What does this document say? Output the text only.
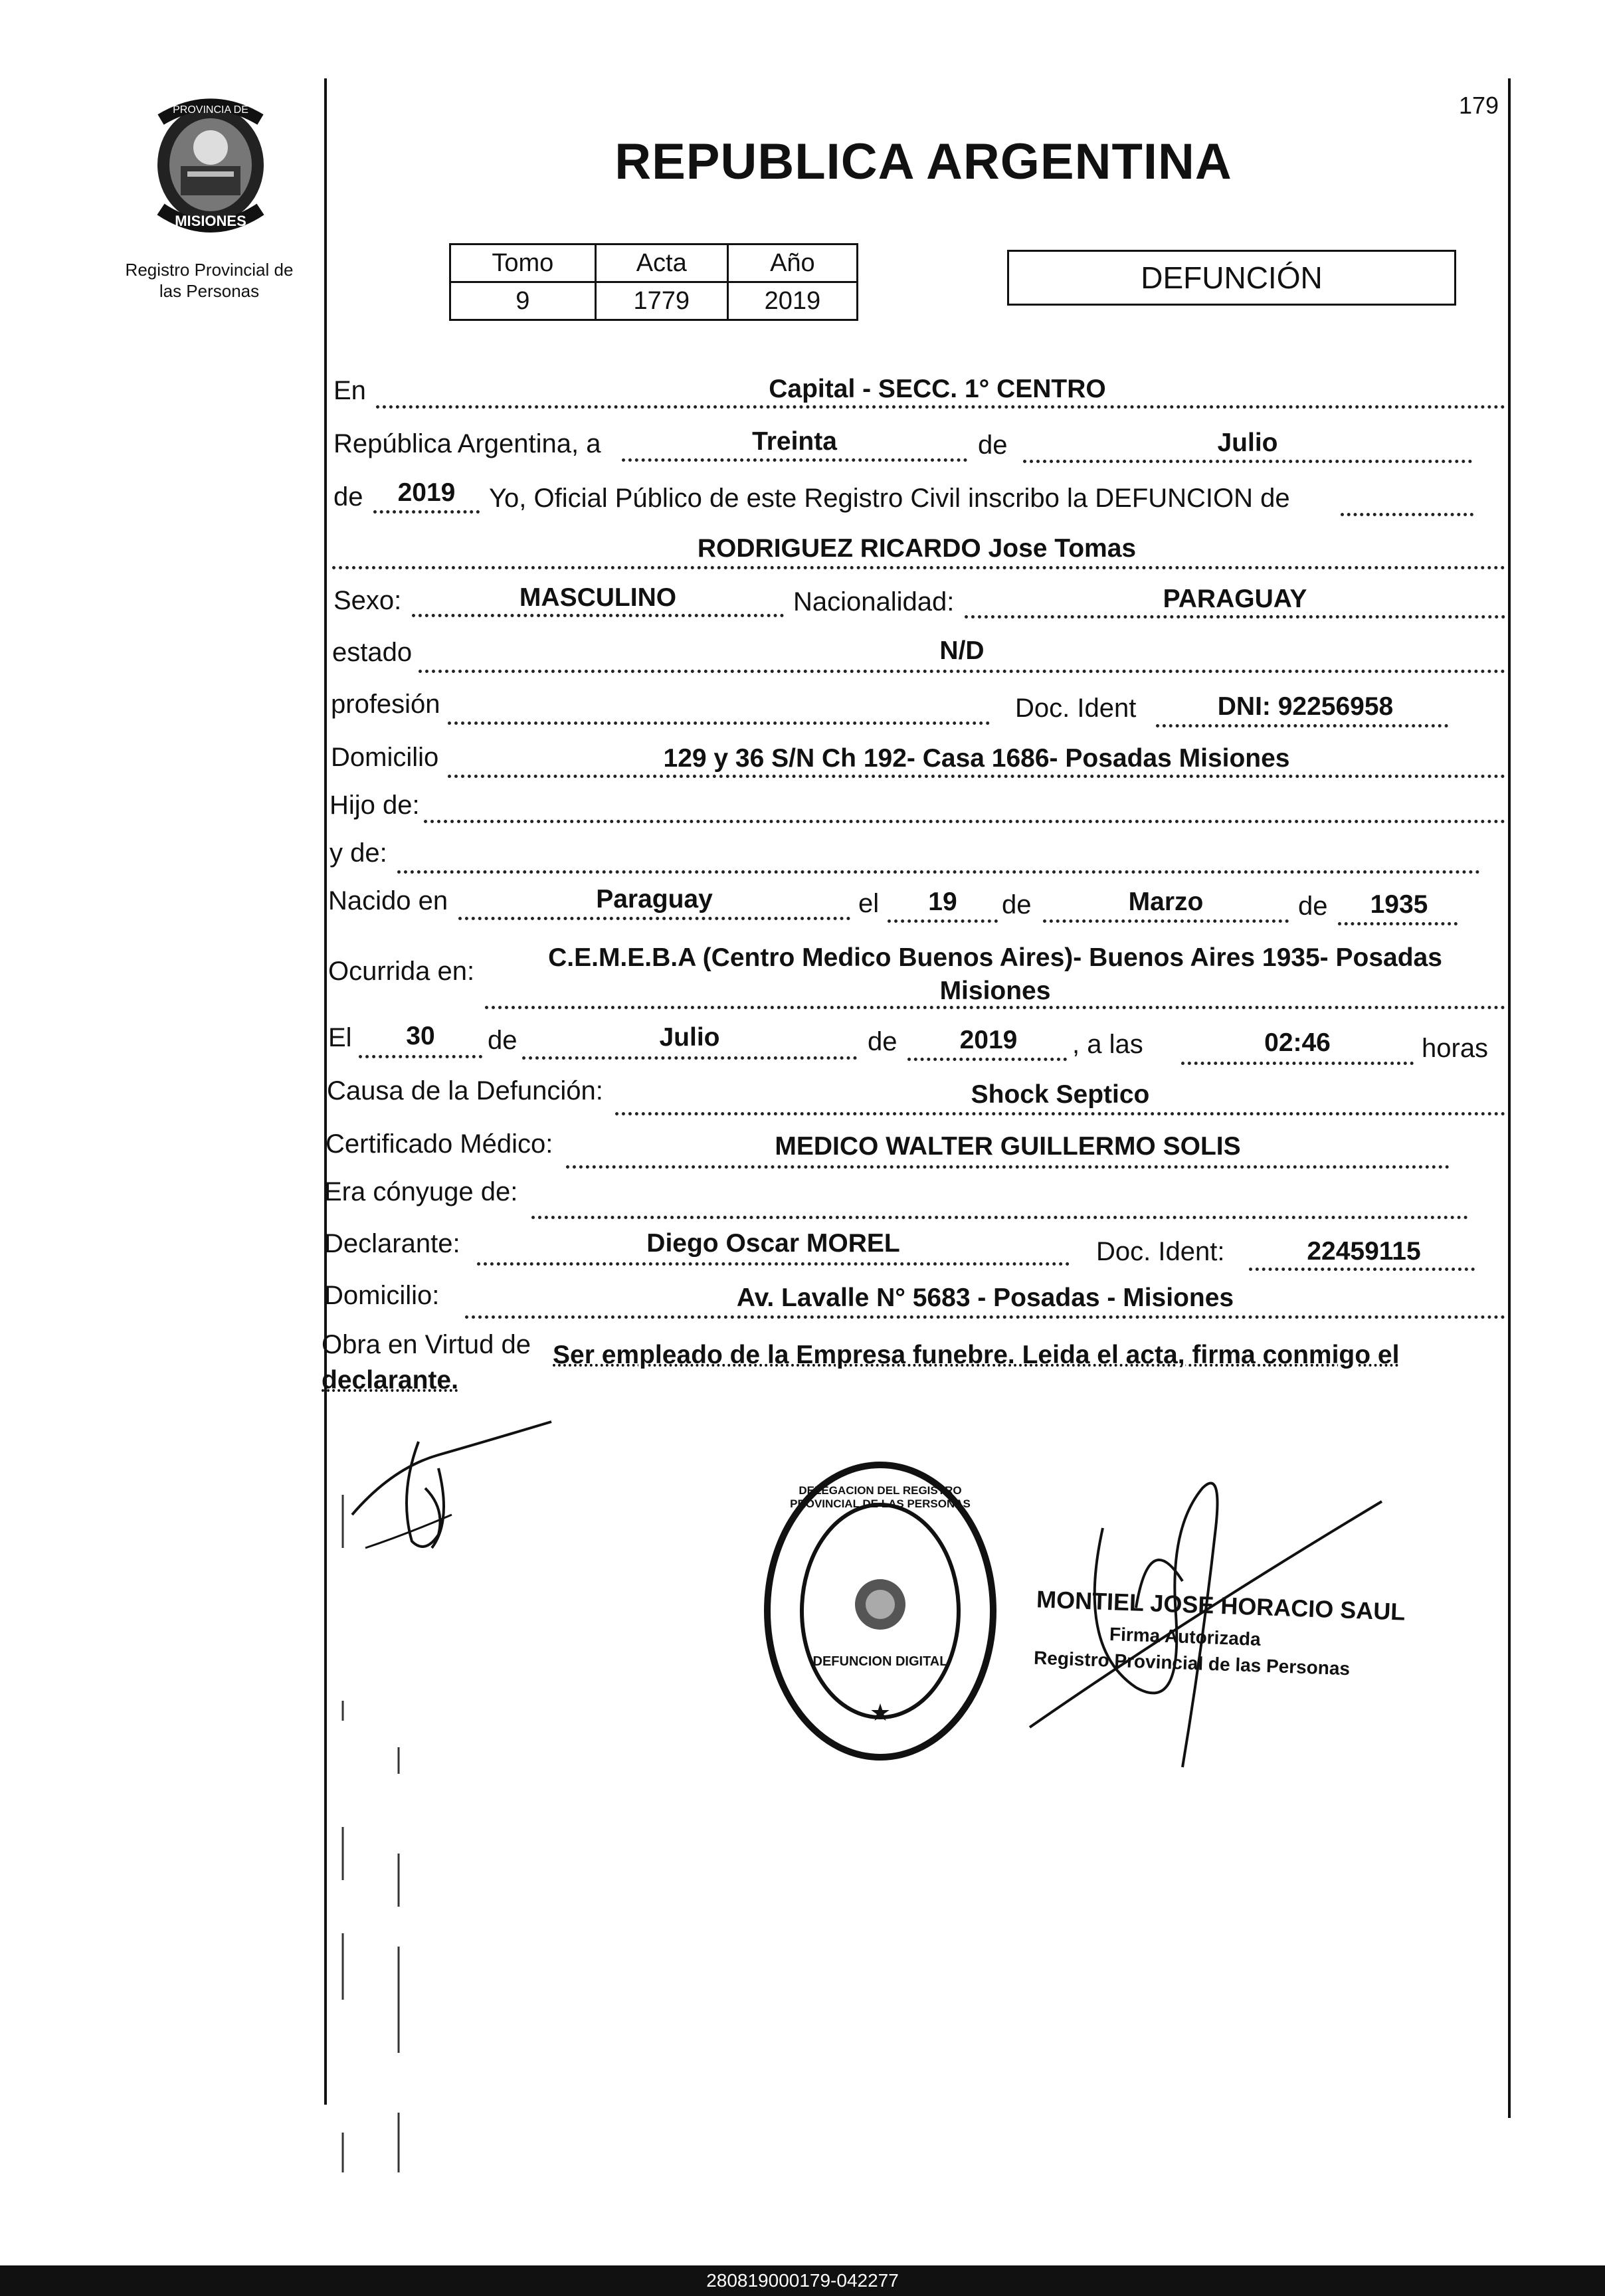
179
PROVINCIA DE
MISIONES
Registro Provincial de
las Personas
REPUBLICA ARGENTINA
Tomo	Acta	Año
9	1779	2019
DEFUNCIÓN
En	Capital - SECC. 1° CENTRO
República Argentina, a	Treinta	de	Julio
de	2019	Yo, Oficial Público de este Registro Civil inscribo la DEFUNCION de
RODRIGUEZ RICARDO Jose Tomas
Sexo:	MASCULINO	Nacionalidad:	PARAGUAY
estado	N/D
profesión	Doc. Ident	DNI: 92256958
Domicilio	129 y 36 S/N Ch 192- Casa 1686- Posadas Misiones
Hijo de:
y de:
Nacido en	Paraguay	el	19	de	Marzo	de	1935
Ocurrida en:	C.E.M.E.B.A (Centro Medico Buenos Aires)- Buenos Aires 1935- Posadas
Misiones
El	30	de	Julio	de	2019	, a las	02:46	horas
Causa de la Defunción:	Shock Septico
Certificado Médico:	MEDICO WALTER GUILLERMO SOLIS
Era cónyuge de:
Declarante:	Diego Oscar MOREL	Doc. Ident:	22459115
Domicilio:	Av. Lavalle N° 5683 - Posadas - Misiones
Obra en Virtud de Ser empleado de la Empresa funebre. Leida el acta, firma conmigo el
declarante.
★
DELEGACION DEL REGISTRO PROVINCIAL DE LAS PERSONAS
DEFUNCION DIGITAL
MONTIEL JOSE HORACIO SAUL
Firma Autorizada
Registro Provincial de las Personas
280819000179-042277
